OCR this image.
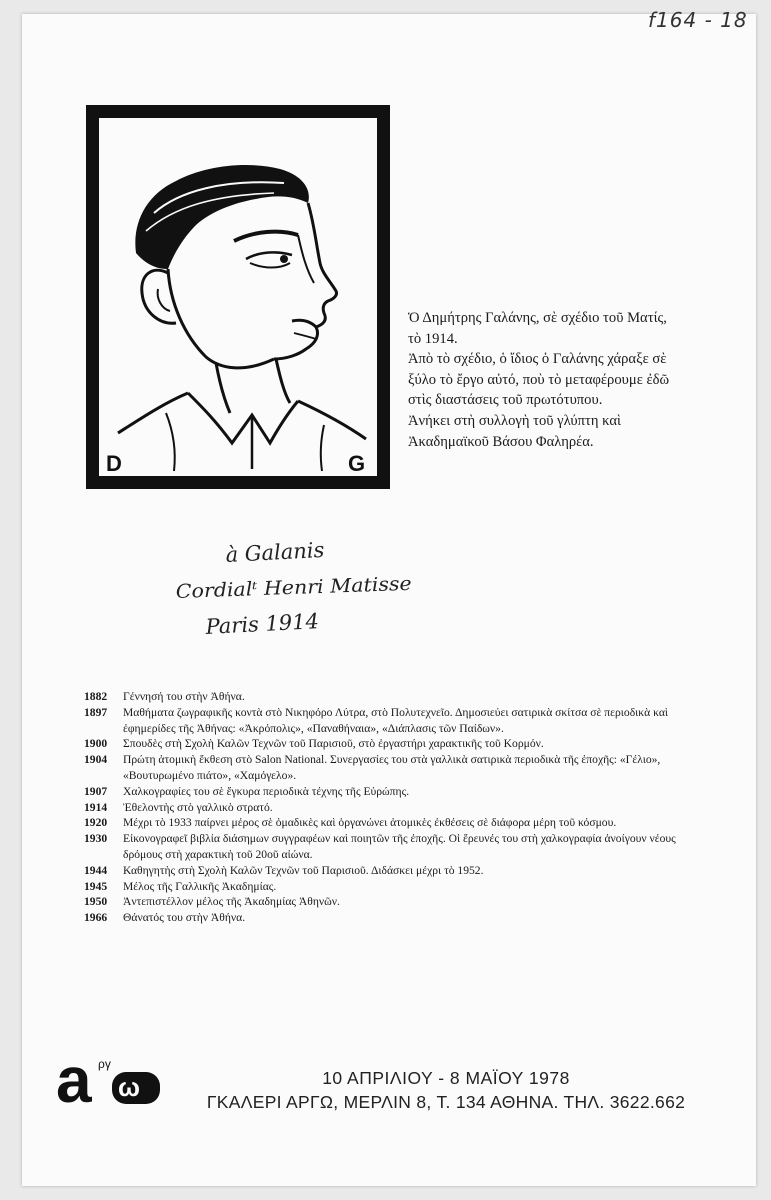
f164 - 18
D	G

Ὁ Δημήτρης Γαλάνης, σὲ σχέδιο τοῦ Ματίς, τὸ 1914.

Ἀπὸ τὸ σχέδιο, ὁ ἴδιος ὁ Γαλάνης χάραξε σὲ ξύλο τὸ ἔργο αὐτό, ποὺ τὸ μεταφέρουμε ἐδῶ στὶς διαστάσεις τοῦ πρωτότυπου.

Ἀνήκει στὴ συλλογὴ τοῦ γλύπτη καὶ Ἀκαδημαϊκοῦ Βάσου Φαληρέα.

à Galanis
Cordialᵗ Henri Matisse
Paris 1914
1882	Γέννησή του στὴν Ἀθήνα.
1897	Μαθήματα ζωγραφικῆς κοντὰ στὸ Νικηφόρο Λύτρα, στὸ Πολυτεχνεῖο. Δημοσιεύει σατιρικὰ σκίτσα σὲ περιοδικὰ καὶ ἐφημερίδες τῆς Ἀθήνας: «Ἀκρόπολις», «Παναθήναια», «Διάπλασις τῶν Παίδων».
1900	Σπουδὲς στὴ Σχολὴ Καλῶν Τεχνῶν τοῦ Παρισιοῦ, στὸ ἐργαστήρι χαρακτικῆς τοῦ Κορμόν.
1904	Πρώτη ἀτομικὴ ἔκθεση στὸ Salon National. Συνεργασίες του στὰ γαλλικὰ σατιρικὰ περιοδικὰ τῆς ἐποχῆς: «Γέλιο», «Βουτυρωμένο πιάτο», «Χαμόγελο».
1907	Χαλκογραφίες του σὲ ἔγκυρα περιοδικὰ τέχνης τῆς Εὐρώπης.
1914	Ἐθελοντὴς στὸ γαλλικὸ στρατό.
1920	Μέχρι τὸ 1933 παίρνει μέρος σὲ ὁμαδικὲς καὶ ὀργανώνει ἀτομικὲς ἐκθέσεις σὲ διάφορα μέρη τοῦ κόσμου.
1930	Εἰκονογραφεῖ βιβλία διάσημων συγγραφέων καὶ ποιητῶν τῆς ἐποχῆς. Οἱ ἔρευνές του στὴ χαλκογραφία ἀνοίγουν νέους δρόμους στὴ χαρακτικὴ τοῦ 20οῦ αἰώνα.
1944	Καθηγητὴς στὴ Σχολὴ Καλῶν Τεχνῶν τοῦ Παρισιοῦ. Διδάσκει μέχρι τὸ 1952.
1945	Μέλος τῆς Γαλλικῆς Ἀκαδημίας.
1950	Ἀντεπιστέλλον μέλος τῆς Ἀκαδημίας Ἀθηνῶν.
1966	Θάνατός του στὴν Ἀθήνα.
a ργ
ω	10 ΑΠΡΙΛΙΟΥ - 8 ΜΑΪΟΥ 1978
ΓΚΑΛΕΡΙ ΑΡΓΩ, ΜΕΡΛΙΝ 8, Τ. 134 ΑΘΗΝΑ. ΤΗΛ. 3622.662
